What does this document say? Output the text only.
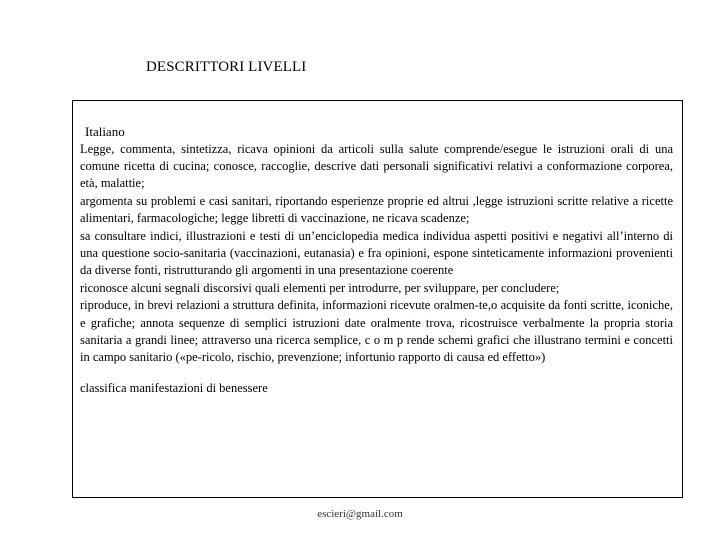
DESCRITTORI LIVELLI

Italiano

Legge, commenta, sintetizza, ricava opinioni da articoli sulla salute comprende/esegue le istruzioni orali di una comune ricetta di cucina; conosce, raccoglie, descrive dati personali significativi relativi a conformazione corporea, età, malattie;

argomenta su problemi e casi sanitari, riportando esperienze proprie ed altrui ,legge istruzioni scritte relative a ricette alimentari, farmacologiche; legge libretti di vaccinazione, ne ricava scadenze;

sa consultare indici, illustrazioni e testi di un’enciclopedia medica individua aspetti positivi e negativi all’interno di una questione socio-sanitaria (vaccinazioni, eutanasia) e fra opinioni, espone sinteticamente informazioni provenienti da diverse fonti, ristrutturando gli argomenti in una presentazione coerente

riconosce alcuni segnali discorsivi quali elementi per introdurre, per sviluppare, per concludere;

riproduce, in brevi relazioni a struttura definita, informazioni ricevute oralmen-te,o acquisite da fonti scritte, iconiche, e grafiche; annota sequenze di semplici istruzioni date oralmente trova, ricostruisce verbalmente la propria storia sanitaria a grandi linee; attraverso una ricerca semplice, c o m p rende schemi grafici che illustrano termini e concetti in campo sanitario («pe-ricolo, rischio, prevenzione; infortunio rapporto di causa ed effetto»)

classifica manifestazioni di benessere

escieri@gmail.com
